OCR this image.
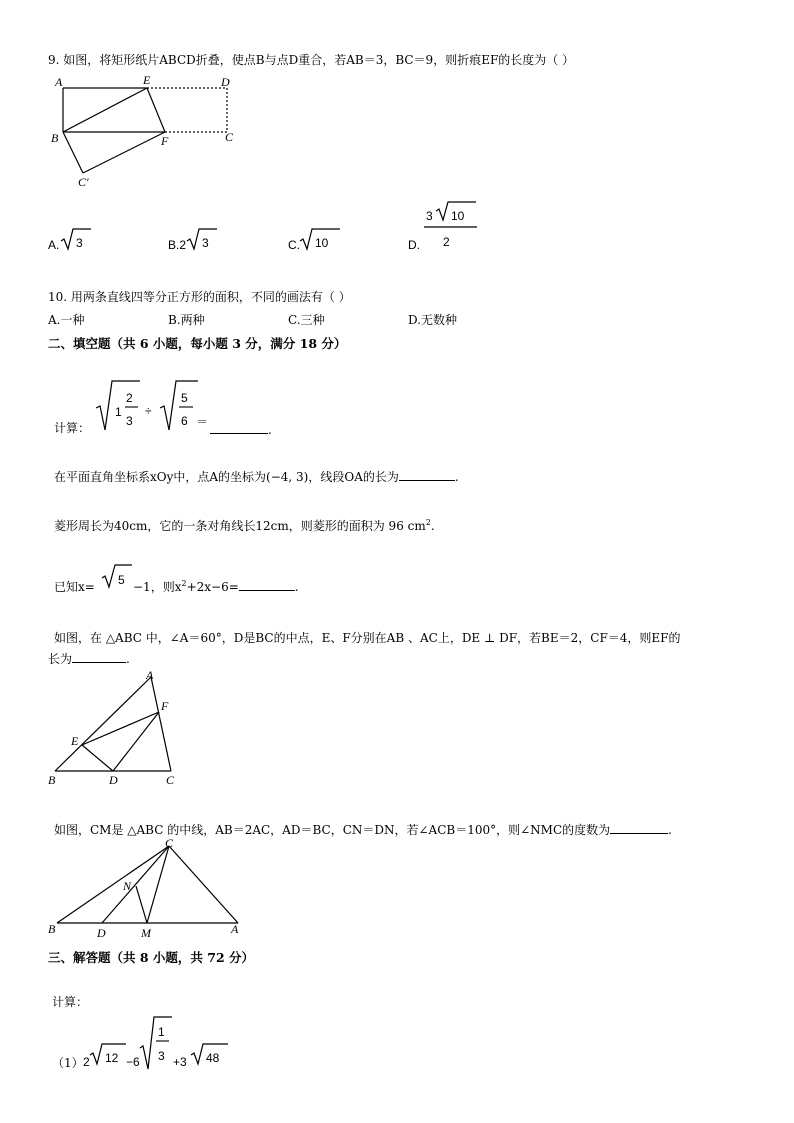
9. 如图，将矩形纸片ABCD折叠，使点B与点D重合，若AB＝3，BC＝9，则折痕EF的长度为（ ）
A	E	D
B	F	C
C′
A. 3	B.2 3	C. 10	D.
3 10
2
10. 用两条直线四等分正方形的面积，不同的画法有（ ）
A.一种	B.两种	C.三种	D.无数种
二、填空题（共 6 小题，每小题 3 分，满分 18 分）
计算：
1
2
3
÷
5
6 ＝
.
在平面直角坐标系xOy中，点A的坐标为(−4, 3)，线段OA的长为	.
菱形周长为40cm，它的一条对角线长12cm，则菱形的面积为 96 $cm^2$.
已知x= 5 −1，则$x^2+2x-6=$	.
如图，在 △ABC 中，∠A＝60°，D是BC的中点，E、F分别在AB 、AC上，DE ⊥ DF，若BE＝2，CF＝4，则EF的
长为	.
A
F
E
B	D	C
如图，CM是 △ABC 的中线，AB＝2AC，AD＝BC，CN＝DN，若∠ACB＝100°，则∠NMC的度数为	.
C
N
B	D	M	A
三、解答题（共 8 小题，共 72 分）
计算：
（1） 2 12 −6
1
3 +3 48
